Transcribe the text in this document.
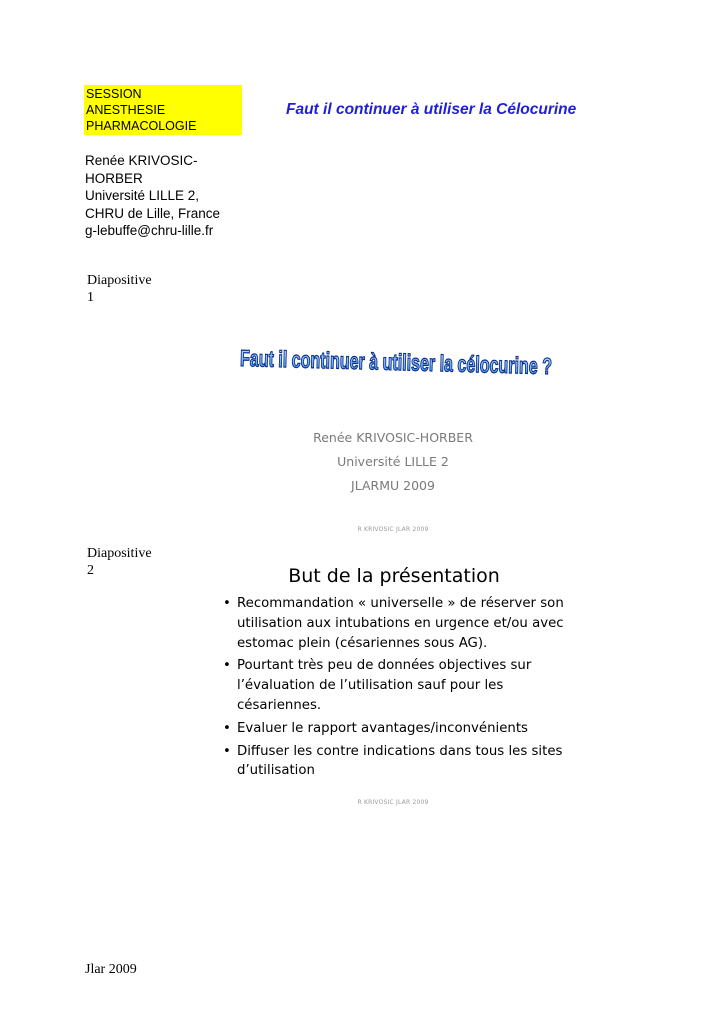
SESSION
ANESTHESIE
PHARMACOLOGIE
Faut il continuer à utiliser la Célocurine
Renée KRIVOSIC-
HORBER
Université LILLE 2,
CHRU de Lille, France
g-lebuffe@chru-lille.fr
Diapositive
1
Faut il continuer à utiliser la célocurine ?
Renée KRIVOSIC-HORBER
Université LILLE 2
JLARMU 2009
R KRIVOSIC JLAR 2009
Diapositive
2	But de la présentation
• Recommandation « universelle » de réserver son utilisation aux intubations en urgence et/ou avec estomac plein (césariennes sous AG).
• Pourtant très peu de données objectives sur l’évaluation de l’utilisation sauf pour les césariennes.
• Evaluer le rapport avantages/inconvénients
• Diffuser les contre indications dans tous les sites d’utilisation
R KRIVOSIC JLAR 2009
Jlar 2009
